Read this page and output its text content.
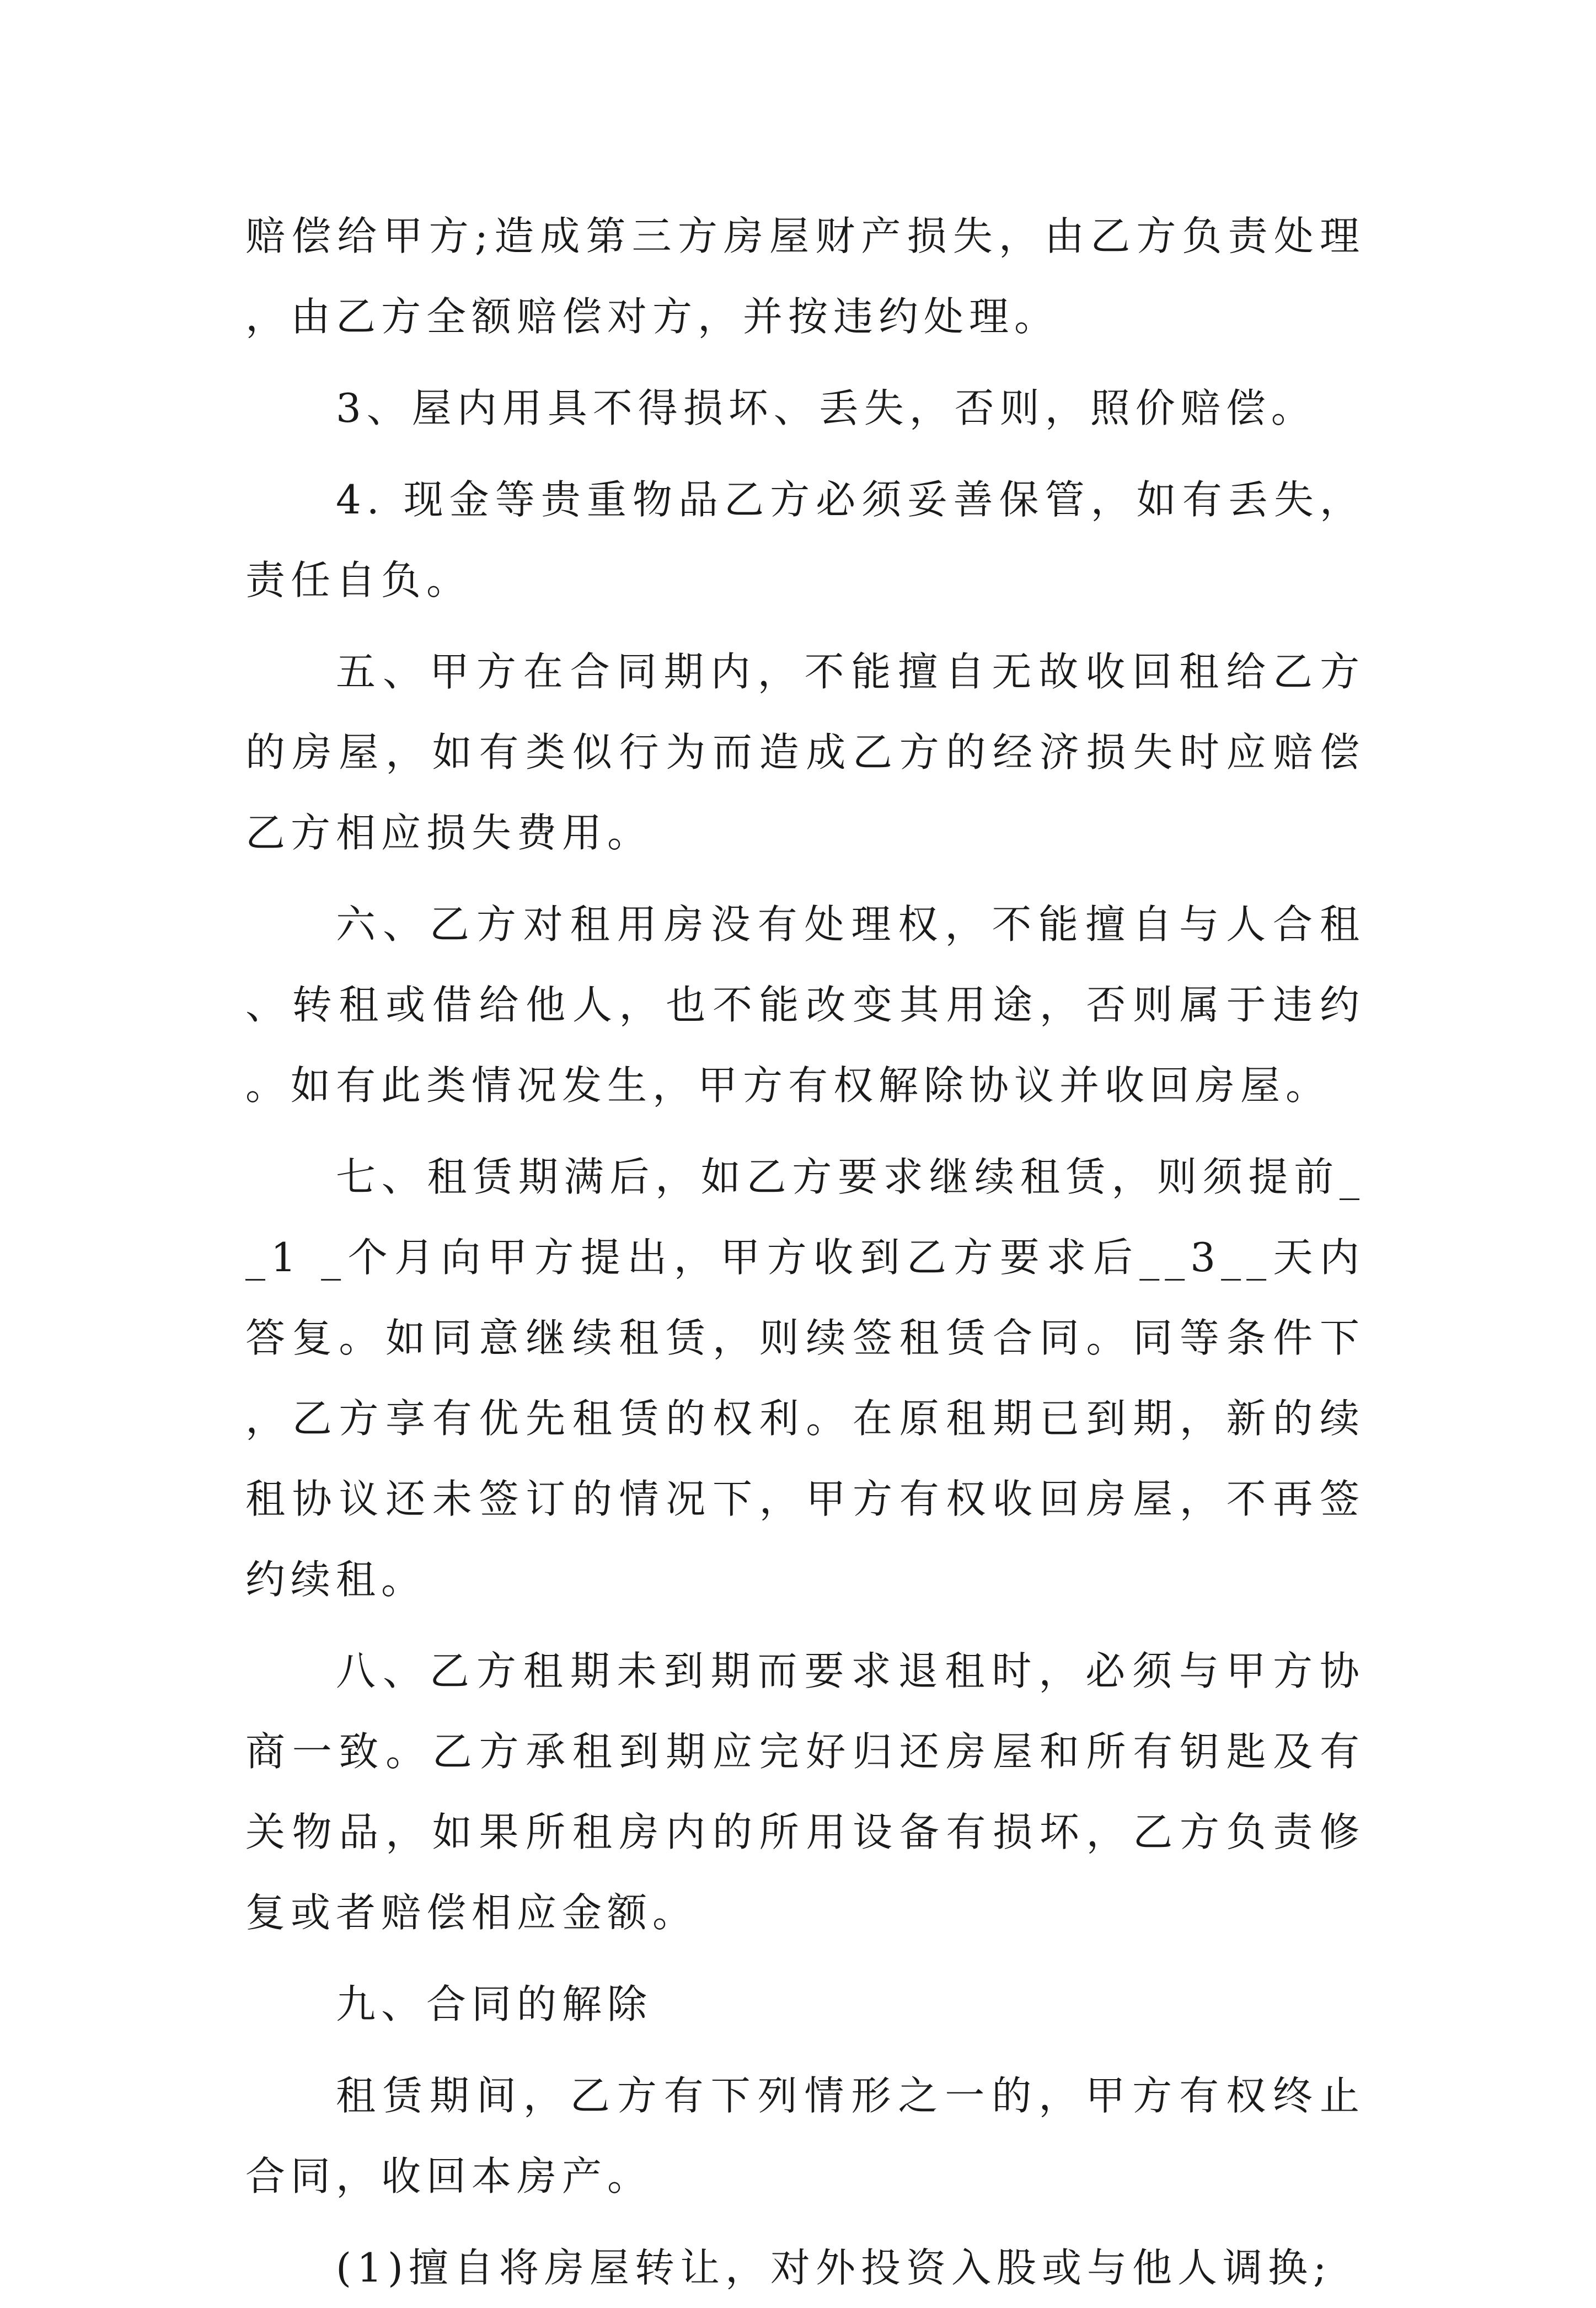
赔偿给甲方;造成第三方房屋财产损失，由乙方负责处理，由乙方全额赔偿对方，并按违约处理。

3、屋内用具不得损坏、丢失，否则，照价赔偿。

4. 现金等贵重物品乙方必须妥善保管，如有丢失，责任自负。

五、甲方在合同期内，不能擅自无故收回租给乙方的房屋，如有类似行为而造成乙方的经济损失时应赔偿乙方相应损失费用。

六、乙方对租用房没有处理权，不能擅自与人合租、转租或借给他人，也不能改变其用途，否则属于违约。如有此类情况发生，甲方有权解除协议并收回房屋。

七、租赁期满后，如乙方要求继续租赁，则须提前__1 _个月向甲方提出，甲方收到乙方要求后__3__天内答复。如同意继续租赁，则续签租赁合同。同等条件下，乙方享有优先租赁的权利。在原租期已到期，新的续租协议还未签订的情况下，甲方有权收回房屋，不再签约续租。

八、乙方租期未到期而要求退租时，必须与甲方协商一致。乙方承租到期应完好归还房屋和所有钥匙及有关物品，如果所租房内的所用设备有损坏，乙方负责修复或者赔偿相应金额。

九、合同的解除

租赁期间，乙方有下列情形之一的，甲方有权终止合同，收回本房产。

(1)擅自将房屋转让，对外投资入股或与他人调换;
